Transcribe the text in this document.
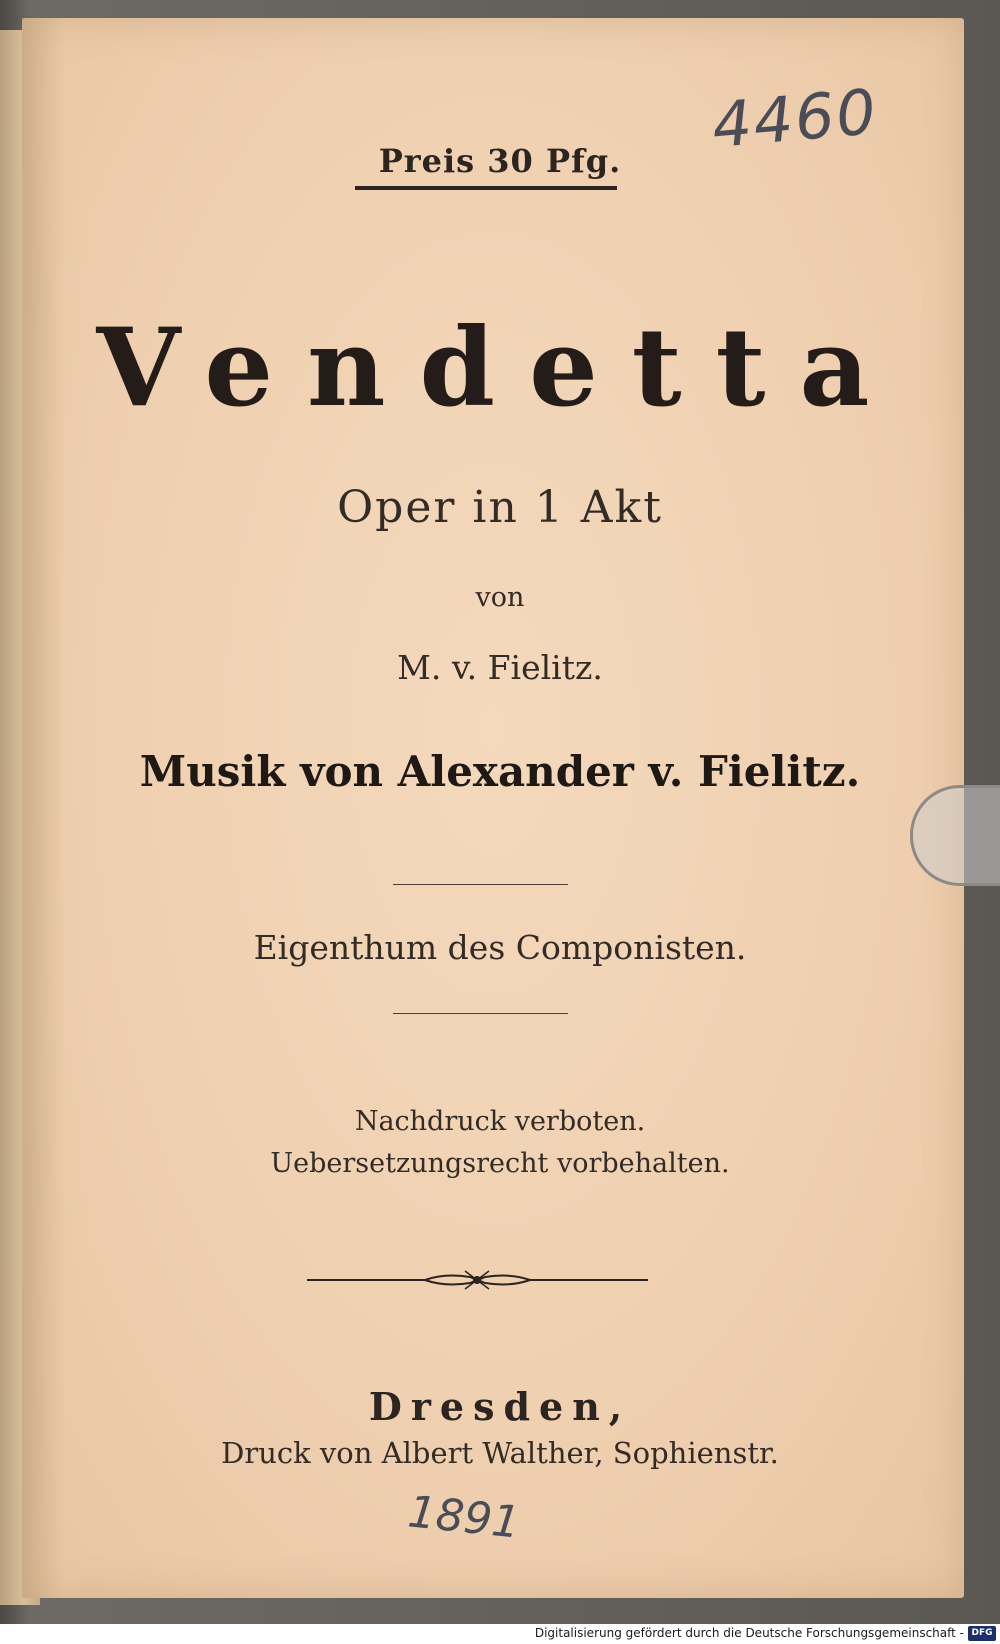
4460
Preis 30 Pfg.
Vendetta
Oper in 1 Akt
von
M. v. Fielitz.
Musik von Alexander v. Fielitz.
Eigenthum des Componisten.
Nachdruck verboten.
Uebersetzungsrecht vorbehalten.
Dresden,
Druck von Albert Walther, Sophienstr.
1891
Digitalisierung gefördert durch die Deutsche Forschungsgemeinschaft - DFG
